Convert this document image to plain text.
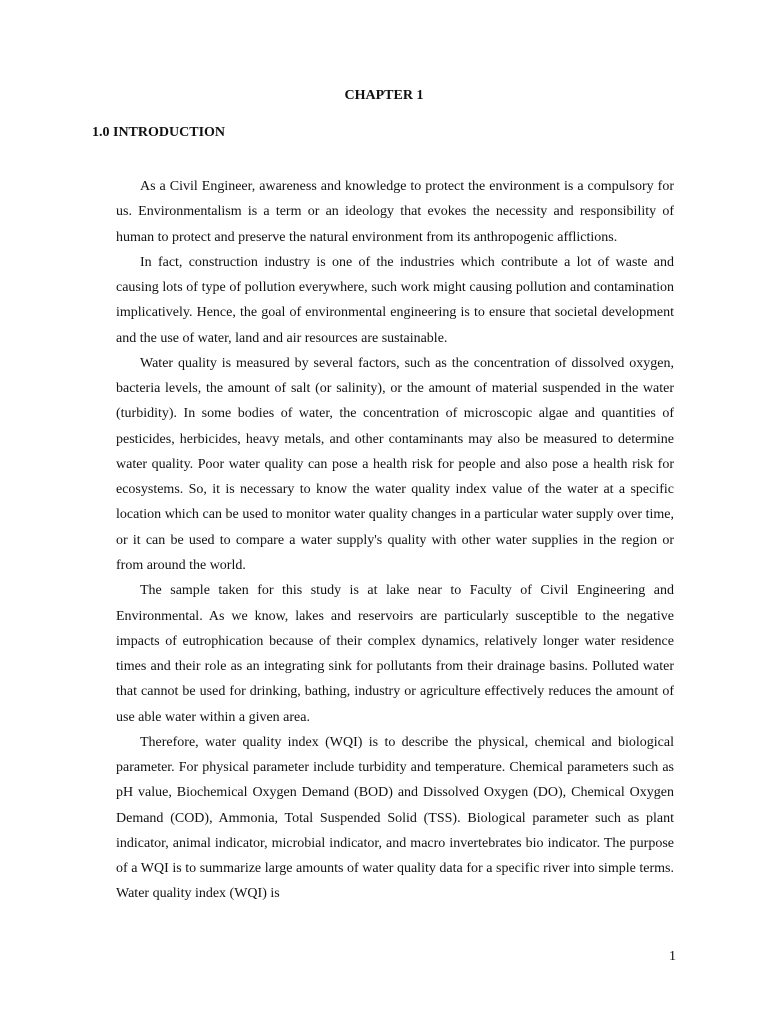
CHAPTER 1
1.0 INTRODUCTION

As a Civil Engineer, awareness and knowledge to protect the environment is a compulsory for us. Environmentalism is a term or an ideology that evokes the necessity and responsibility of human to protect and preserve the natural environment from its anthropogenic afflictions.

In fact, construction industry is one of the industries which contribute a lot of waste and causing lots of type of pollution everywhere, such work might causing pollution and contamination implicatively. Hence, the goal of environmental engineering is to ensure that societal development and the use of water, land and air resources are sustainable.

Water quality is measured by several factors, such as the concentration of dissolved oxygen, bacteria levels, the amount of salt (or salinity), or the amount of material suspended in the water (turbidity). In some bodies of water, the concentration of microscopic algae and quantities of pesticides, herbicides, heavy metals, and other contaminants may also be measured to determine water quality. Poor water quality can pose a health risk for people and also pose a health risk for ecosystems. So, it is necessary to know the water quality index value of the water at a specific location which can be used to monitor water quality changes in a particular water supply over time, or it can be used to compare a water supply's quality with other water supplies in the region or from around the world.

The sample taken for this study is at lake near to Faculty of Civil Engineering and Environmental. As we know, lakes and reservoirs are particularly susceptible to the negative impacts of eutrophication because of their complex dynamics, relatively longer water residence times and their role as an integrating sink for pollutants from their drainage basins. Polluted water that cannot be used for drinking, bathing, industry or agriculture effectively reduces the amount of use able water within a given area.

Therefore, water quality index (WQI) is to describe the physical, chemical and biological parameter. For physical parameter include turbidity and temperature. Chemical parameters such as pH value, Biochemical Oxygen Demand (BOD) and Dissolved Oxygen (DO), Chemical Oxygen Demand (COD), Ammonia, Total Suspended Solid (TSS). Biological parameter such as plant indicator, animal indicator, microbial indicator, and macro invertebrates bio indicator. The purpose of a WQI is to summarize large amounts of water quality data for a specific river into simple terms. Water quality index (WQI) is

1
